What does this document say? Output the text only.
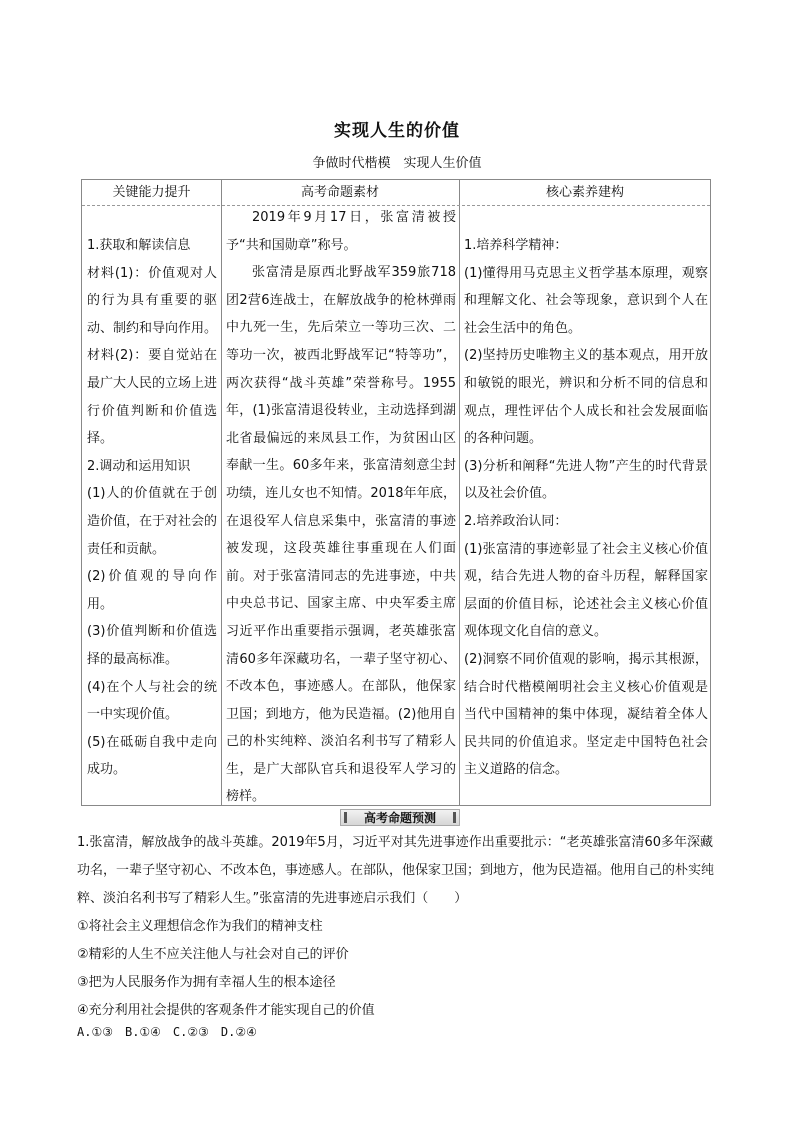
实现人生的价值
争做时代楷模　实现人生价值
关键能力提升	高考命题素材	核心素养建构

1.获取和解读信息

材料(1)：价值观对人的行为具有重要的驱动、制约和导向作用。

材料(2)：要自觉站在最广大人民的立场上进行价值判断和价值选择。

2.调动和运用知识

(1)人的价值就在于创造价值，在于对社会的责任和贡献。

(2)价值观的导向作用。

(3)价值判断和价值选择的最高标准。

(4)在个人与社会的统一中实现价值。

(5)在砥砺自我中走向成功。

2019年9月17日，张富清被授予“共和国勋章”称号。

张富清是原西北野战军359旅718团2营6连战士，在解放战争的枪林弹雨中九死一生，先后荣立一等功三次、二等功一次，被西北野战军记“特等功”，两次获得“战斗英雄”荣誉称号。1955年，(1)张富清退役转业，主动选择到湖北省最偏远的来凤县工作，为贫困山区奉献一生。60多年来，张富清刻意尘封功绩，连儿女也不知情。2018年年底，在退役军人信息采集中，张富清的事迹被发现，这段英雄往事重现在人们面前。对于张富清同志的先进事迹，中共中央总书记、国家主席、中央军委主席习近平作出重要指示强调，老英雄张富清60多年深藏功名，一辈子坚守初心、不改本色，事迹感人。在部队，他保家卫国；到地方，他为民造福。(2)他用自己的朴实纯粹、淡泊名利书写了精彩人生，是广大部队官兵和退役军人学习的榜样。

1.培养科学精神：

(1)懂得用马克思主义哲学基本原理，观察和理解文化、社会等现象，意识到个人在社会生活中的角色。

(2)坚持历史唯物主义的基本观点，用开放和敏锐的眼光，辨识和分析不同的信息和观点，理性评估个人成长和社会发展面临的各种问题。

(3)分析和阐释“先进人物”产生的时代背景以及社会价值。

2.培养政治认同：

(1)张富清的事迹彰显了社会主义核心价值观，结合先进人物的奋斗历程，解释国家层面的价值目标，论述社会主义核心价值观体现文化自信的意义。

(2)洞察不同价值观的影响，揭示其根源，结合时代楷模阐明社会主义核心价值观是当代中国精神的集中体现，凝结着全体人民共同的价值追求。坚定走中国特色社会主义道路的信念。

高考命题预测

1.张富清，解放战争的战斗英雄。2019年5月，习近平对其先进事迹作出重要批示：“老英雄张富清60多年深藏功名，一辈子坚守初心、不改本色，事迹感人。在部队，他保家卫国；到地方，他为民造福。他用自己的朴实纯粹、淡泊名利书写了精彩人生。”张富清的先进事迹启示我们（　　）

①将社会主义理想信念作为我们的精神支柱

②精彩的人生不应关注他人与社会对自己的评价

③把为人民服务作为拥有幸福人生的根本途径

④充分利用社会提供的客观条件才能实现自己的价值

A.①③　B.①④　C.②③　D.②④
